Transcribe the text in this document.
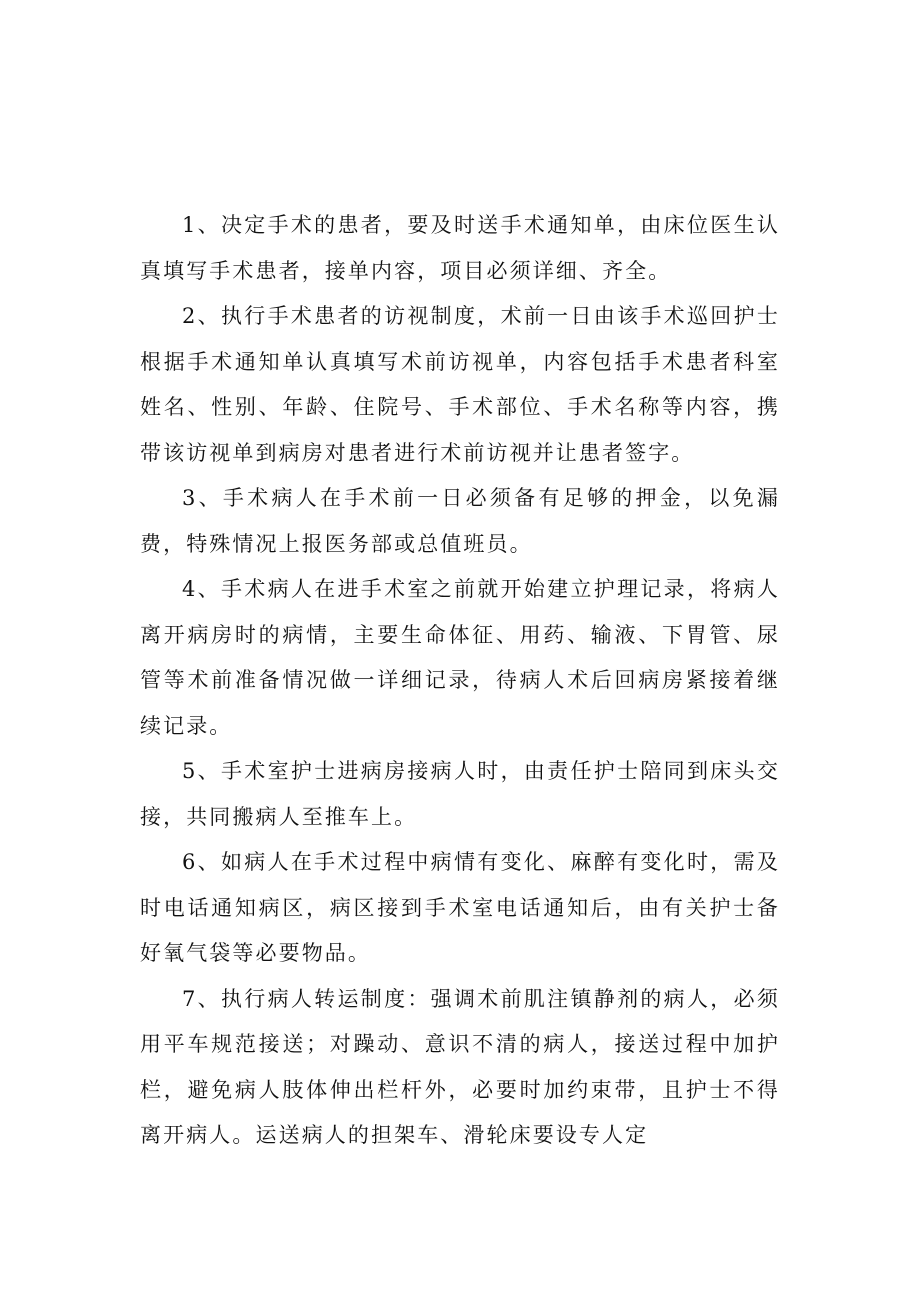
1、决定手术的患者，要及时送手术通知单，由床位医生认真填写手术患者，接单内容，项目必须详细、齐全。

2、执行手术患者的访视制度，术前一日由该手术巡回护士根据手术通知单认真填写术前访视单，内容包括手术患者科室姓名、性别、年龄、住院号、手术部位、手术名称等内容，携带该访视单到病房对患者进行术前访视并让患者签字。

3、手术病人在手术前一日必须备有足够的押金，以免漏费，特殊情况上报医务部或总值班员。

4、手术病人在进手术室之前就开始建立护理记录，将病人离开病房时的病情，主要生命体征、用药、输液、下胃管、尿管等术前准备情况做一详细记录，待病人术后回病房紧接着继续记录。

5、手术室护士进病房接病人时，由责任护士陪同到床头交接，共同搬病人至推车上。

6、如病人在手术过程中病情有变化、麻醉有变化时，需及时电话通知病区，病区接到手术室电话通知后，由有关护士备好氧气袋等必要物品。

7、执行病人转运制度：强调术前肌注镇静剂的病人，必须用平车规范接送；对躁动、意识不清的病人，接送过程中加护栏，避免病人肢体伸出栏杆外，必要时加约束带，且护士不得离开病人。运送病人的担架车、滑轮床要设专人定
